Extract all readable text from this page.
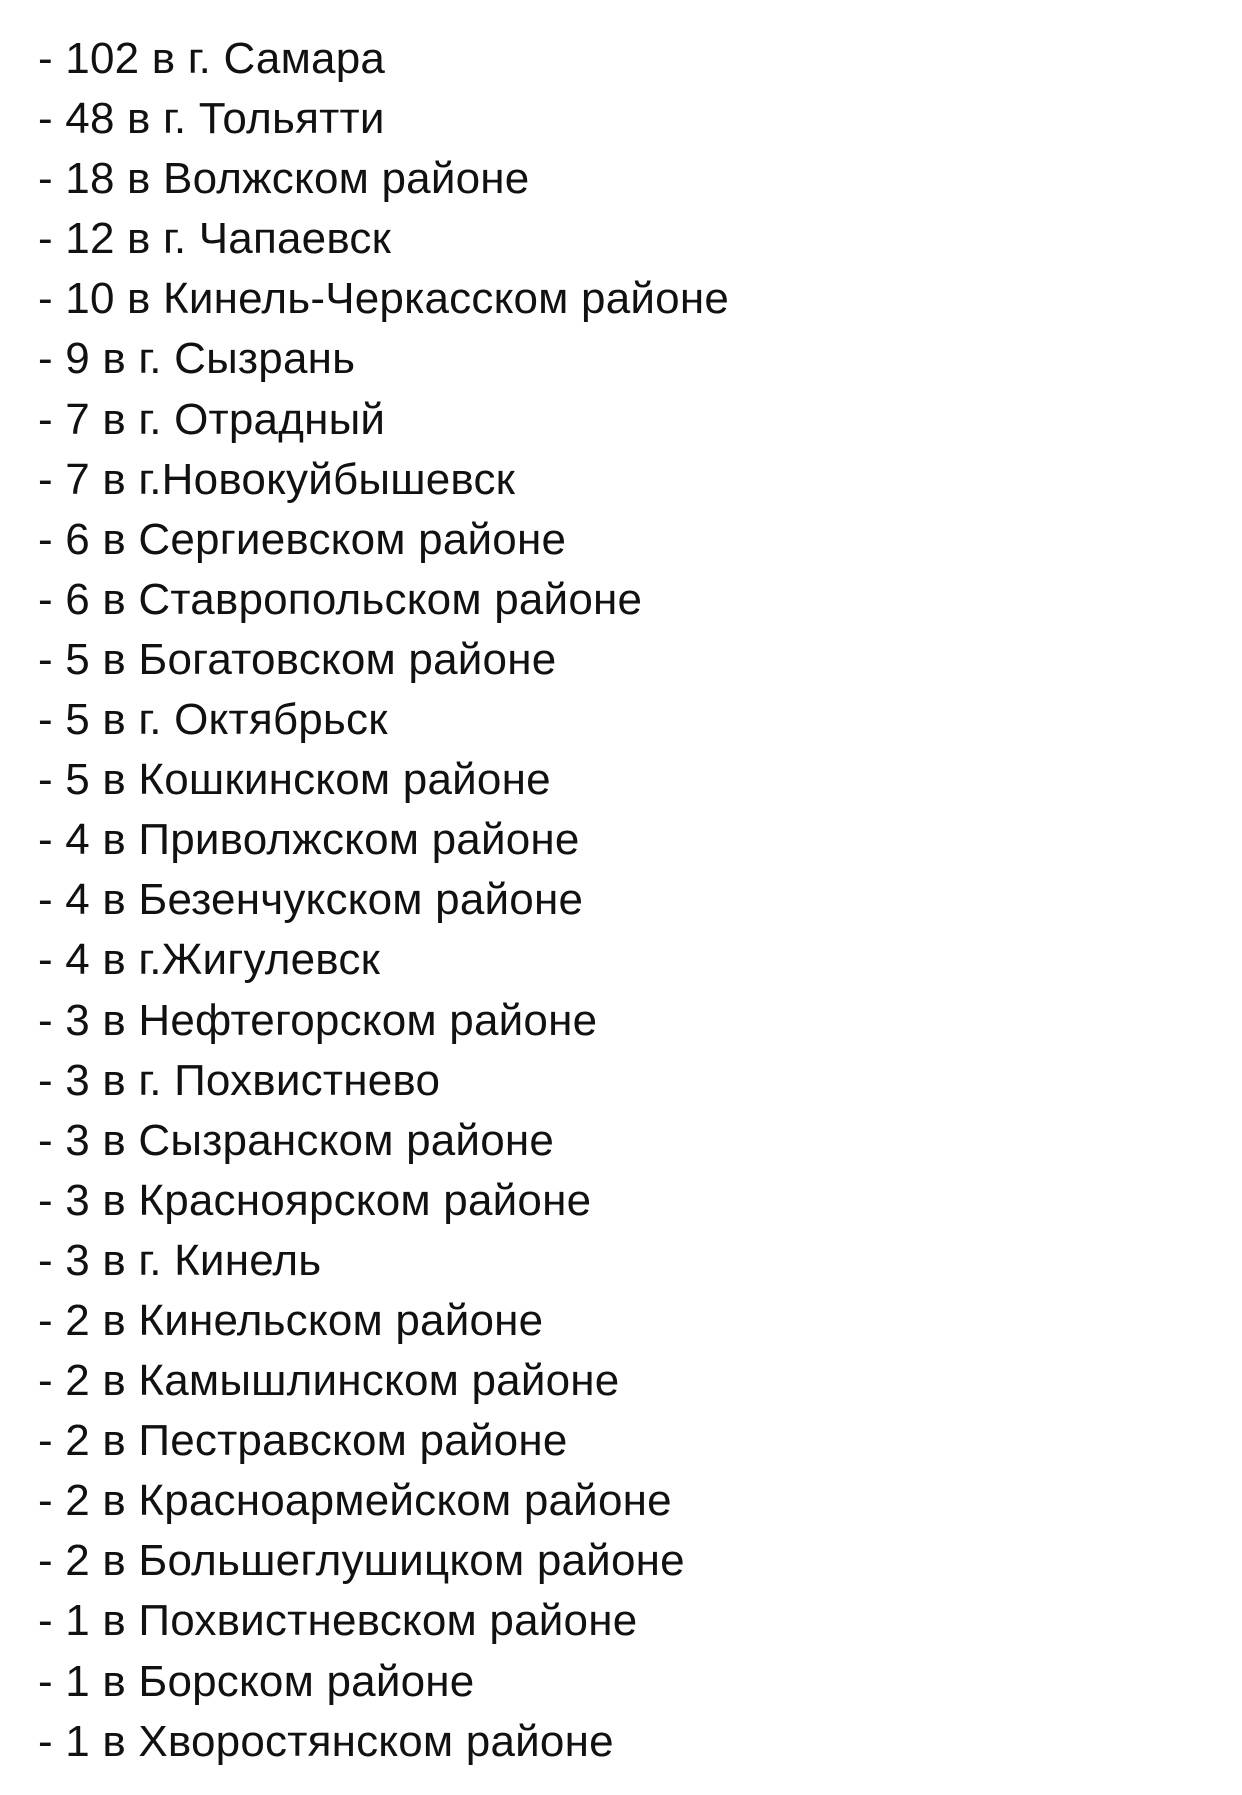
- 102 в г. Самара
- 48 в г. Тольятти
- 18 в Волжском районе
- 12 в г. Чапаевск
- 10 в Кинель-Черкасском районе
- 9 в г. Сызрань
- 7 в г. Отрадный
- 7 в г.Новокуйбышевск
- 6 в Сергиевском районе
- 6 в Ставропольском районе
- 5 в Богатовском районе
- 5 в г. Октябрьск
- 5 в Кошкинском районе
- 4 в Приволжском районе
- 4 в Безенчукском районе
- 4 в г.Жигулевск
- 3 в Нефтегорском районе
- 3 в г. Похвистнево
- 3 в Сызранском районе
- 3 в Красноярском районе
- 3 в г. Кинель
- 2 в Кинельском районе
- 2 в Камышлинском районе
- 2 в Пестравском районе
- 2 в Красноармейском районе
- 2 в Большеглушицком районе
- 1 в Похвистневском районе
- 1 в Борском районе
- 1 в Хворостянском районе
